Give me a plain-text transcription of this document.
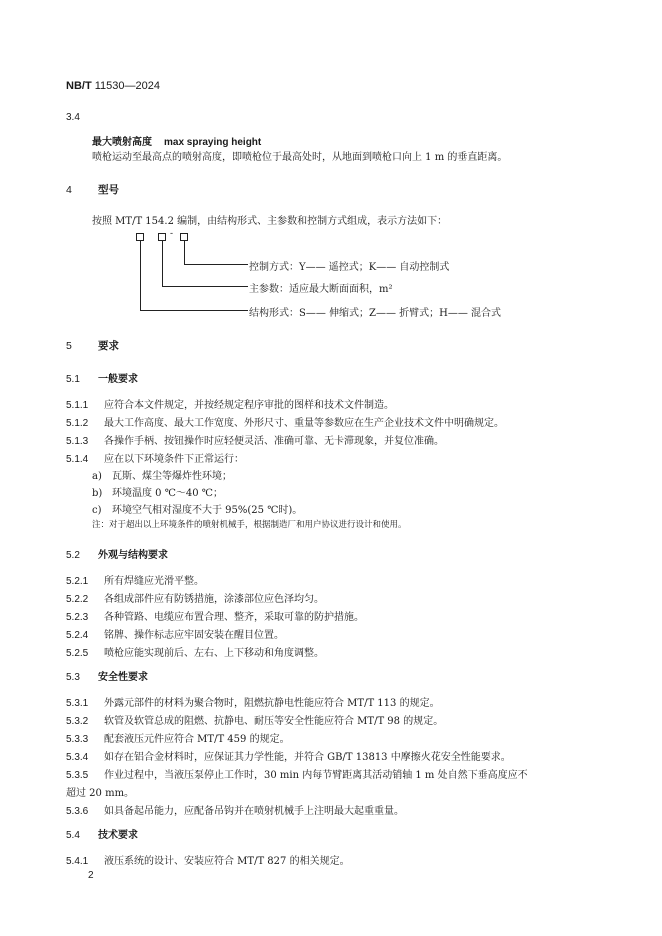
NB/T 11530—2024
3.4
最大喷射高度 max spraying height
喷枪运动至最高点的喷射高度，即喷枪位于最高处时，从地面到喷枪口向上 1 m 的垂直距离。
4 型号
按照 MT/T 154.2 编制，由结构形式、主参数和控制方式组成，表示方法如下：
-
控制方式：Y—— 遥控式；K—— 自动控制式
主参数：适应最大断面面积，m²
结构形式：S—— 伸缩式；Z—— 折臂式；H—— 混合式
5 要求
5.1 一般要求
5.1.1 应符合本文件规定，并按经规定程序审批的图样和技术文件制造。
5.1.2 最大工作高度、最大工作宽度、外形尺寸、重量等参数应在生产企业技术文件中明确规定。
5.1.3 各操作手柄、按钮操作时应轻便灵活、准确可靠、无卡滞现象，并复位准确。
5.1.4 应在以下环境条件下正常运行：
a) 瓦斯、煤尘等爆炸性环境；
b) 环境温度 0 ℃～40 ℃；
c) 环境空气相对湿度不大于 95%(25 ℃时)。
注：对于超出以上环境条件的喷射机械手，根据制造厂和用户协议进行设计和使用。
5.2 外观与结构要求
5.2.1 所有焊缝应光滑平整。
5.2.2 各组成部件应有防锈措施，涂漆部位应色泽均匀。
5.2.3 各种管路、电缆应布置合理、整齐，采取可靠的防护措施。
5.2.4 铭牌、操作标志应牢固安装在醒目位置。
5.2.5 喷枪应能实现前后、左右、上下移动和角度调整。
5.3 安全性要求
5.3.1 外露元部件的材料为聚合物时，阻燃抗静电性能应符合 MT/T 113 的规定。
5.3.2 软管及软管总成的阻燃、抗静电、耐压等安全性能应符合 MT/T 98 的规定。
5.3.3 配套液压元件应符合 MT/T 459 的规定。
5.3.4 如存在铝合金材料时，应保证其力学性能，并符合 GB/T 13813 中摩擦火花安全性能要求。
5.3.5 作业过程中，当液压泵停止工作时，30 min 内每节臂距离其活动销轴 1 m 处自然下垂高度应不
超过 20 mm。
5.3.6 如具备起吊能力，应配备吊钩并在喷射机械手上注明最大起重重量。
5.4 技术要求
5.4.1 液压系统的设计、安装应符合 MT/T 827 的相关规定。
2
